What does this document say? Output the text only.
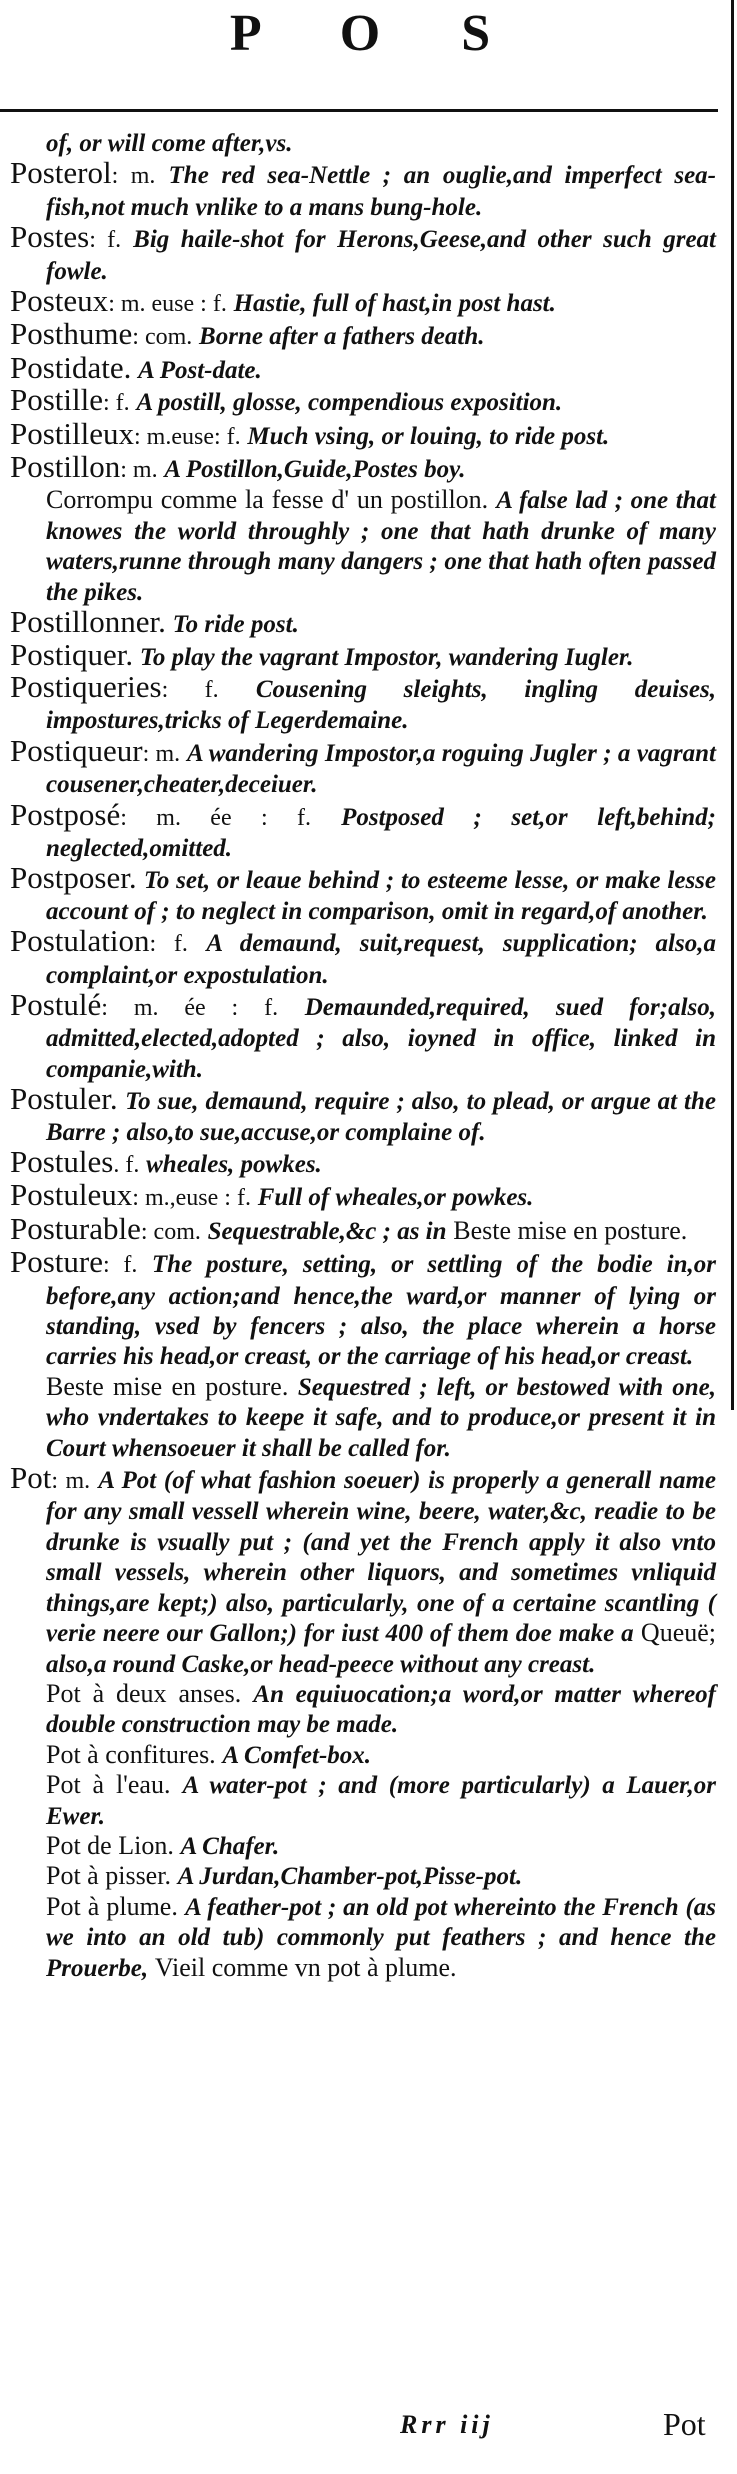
P O S

of, or will come after,vs.

Posterol: m. The red sea-Nettle ; an ouglie,and imperfect sea-fish,not much vnlike to a mans bung-hole.

Postes: f. Big haile-shot for Herons,Geese,and other such great fowle.

Posteux: m. euse : f. Hastie, full of hast,in post hast.

Posthume: com. Borne after a fathers death.

Postidate. A Post-date.

Postille: f. A postill, glosse, compendious exposition.

Postilleux: m.euse: f. Much vsing, or louing, to ride post.

Postillon: m. A Postillon,Guide,Postes boy.

Corrompu comme la fesse d' un postillon. A false lad ; one that knowes the world throughly ; one that hath drunke of many waters,runne through many dangers ; one that hath often passed the pikes.

Postillonner. To ride post.

Postiquer. To play the vagrant Impostor, wandering Iugler.

Postiqueries: f. Cousening sleights, ingling deuises, impostures,tricks of Legerdemaine.

Postiqueur: m. A wandering Impostor,a roguing Jugler ; a vagrant cousener,cheater,deceiuer.

Postposé: m. ée : f. Postposed ; set,or left,behind; neglected,omitted.

Postposer. To set, or leaue behind ; to esteeme lesse, or make lesse account of ; to neglect in comparison, omit in regard,of another.

Postulation: f. A demaund, suit,request, supplication; also,a complaint,or expostulation.

Postulé: m. ée : f. Demaunded,required, sued for;also, admitted,elected,adopted ; also, ioyned in office, linked in companie,with.

Postuler. To sue, demaund, require ; also, to plead, or argue at the Barre ; also,to sue,accuse,or complaine of.

Postules. f. wheales, powkes.

Postuleux: m.,euse : f. Full of wheales,or powkes.

Posturable: com. Sequestrable,&c ; as in Beste mise en posture.

Posture: f. The posture, setting, or settling of the bodie in,or before,any action;and hence,the ward,or manner of lying or standing, vsed by fencers ; also, the place wherein a horse carries his head,or creast, or the carriage of his head,or creast.

Beste mise en posture. Sequestred ; left, or bestowed with one, who vndertakes to keepe it safe, and to produce,or present it in Court whensoeuer it shall be called for.

Pot: m. A Pot (of what fashion soeuer) is properly a generall name for any small vessell wherein wine, beere, water,&c, readie to be drunke is vsually put ; (and yet the French apply it also vnto small vessels, wherein other liquors, and sometimes vnliquid things,are kept;) also, particularly, one of a certaine scantling ( verie neere our Gallon;) for iust 400 of them doe make a Queuë; also,a round Caske,or head-peece without any creast.

Pot à deux anses. An equiuocation;a word,or matter whereof double construction may be made.

Pot à confitures. A Comfet-box.

Pot à l'eau. A water-pot ; and (more particularly) a Lauer,or Ewer.

Pot de Lion. A Chafer.

Pot à pisser. A Jurdan,Chamber-pot,Pisse-pot.

Pot à plume. A feather-pot ; an old pot whereinto the French (as we into an old tub) commonly put feathers ; and hence the Prouerbe, Vieil comme vn pot à plume.

Rrr iij	Pot
